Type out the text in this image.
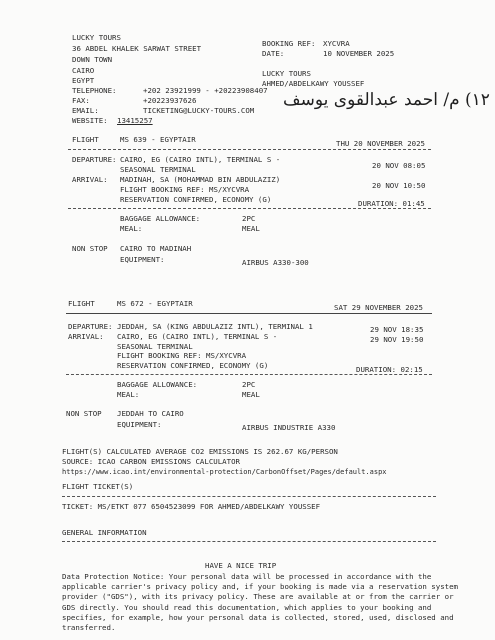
LUCKY TOURS
36 ABDEL KHALEK SARWAT STREET
DOWN TOWN
CAIRO
EGYPT
TELEPHONE:	+202 23921999 - +20223908407
FAX:	+20223937626
EMAIL:	TICKETING@LUCKY-TOURS.COM
WEBSITE: 13415257
BOOKING REF: XYCVRA
DATE:	10 NOVEMBER 2025
LUCKY TOURS
AHMED/ABDELKAWY YOUSSEF
١٢) م/ احمد عبدالقوى يوسف
FLIGHT	MS 639 - EGYPTAIR	THU 20 NOVEMBER 2025
DEPARTURE: CAIRO, EG (CAIRO INTL), TERMINAL S -
SEASONAL TERMINAL	20 NOV 08:05
ARRIVAL: MADINAH, SA (MOHAMMAD BIN ABDULAZIZ)
20 NOV 10:50
FLIGHT BOOKING REF: MS/XYCVRA
RESERVATION CONFIRMED, ECONOMY (G)	DURATION: 01:45
BAGGAGE ALLOWANCE:	2PC
MEAL:	MEAL
NON STOP CAIRO TO MADINAH
EQUIPMENT:	AIRBUS A330-300
FLIGHT	MS 672 - EGYPTAIR	SAT 29 NOVEMBER 2025
DEPARTURE: JEDDAH, SA (KING ABDULAZIZ INTL), TERMINAL 1	29 NOV 18:35
ARRIVAL: CAIRO, EG (CAIRO INTL), TERMINAL S -	29 NOV 19:50
SEASONAL TERMINAL
FLIGHT BOOKING REF: MS/XYCVRA
RESERVATION CONFIRMED, ECONOMY (G)	DURATION: 02:15
BAGGAGE ALLOWANCE:	2PC
MEAL:	MEAL
NON STOP JEDDAH TO CAIRO
EQUIPMENT:	AIRBUS INDUSTRIE A330
FLIGHT(S) CALCULATED AVERAGE CO2 EMISSIONS IS 262.67 KG/PERSON
SOURCE: ICAO CARBON EMISSIONS CALCULATOR
https://www.icao.int/environmental-protection/CarbonOffset/Pages/default.aspx
FLIGHT TICKET(S)
TICKET: MS/ETKT 077 6504523099 FOR AHMED/ABDELKAWY YOUSSEF
GENERAL INFORMATION
HAVE A NICE TRIP
Data Protection Notice: Your personal data will be processed in accordance with the applicable carrier's privacy policy and, if your booking is made via a reservation system provider ("GDS"), with its privacy policy. These are available at or from the carrier or GDS directly. You should read this documentation, which applies to your booking and specifies, for example, how your personal data is collected, stored, used, disclosed and transferred.
